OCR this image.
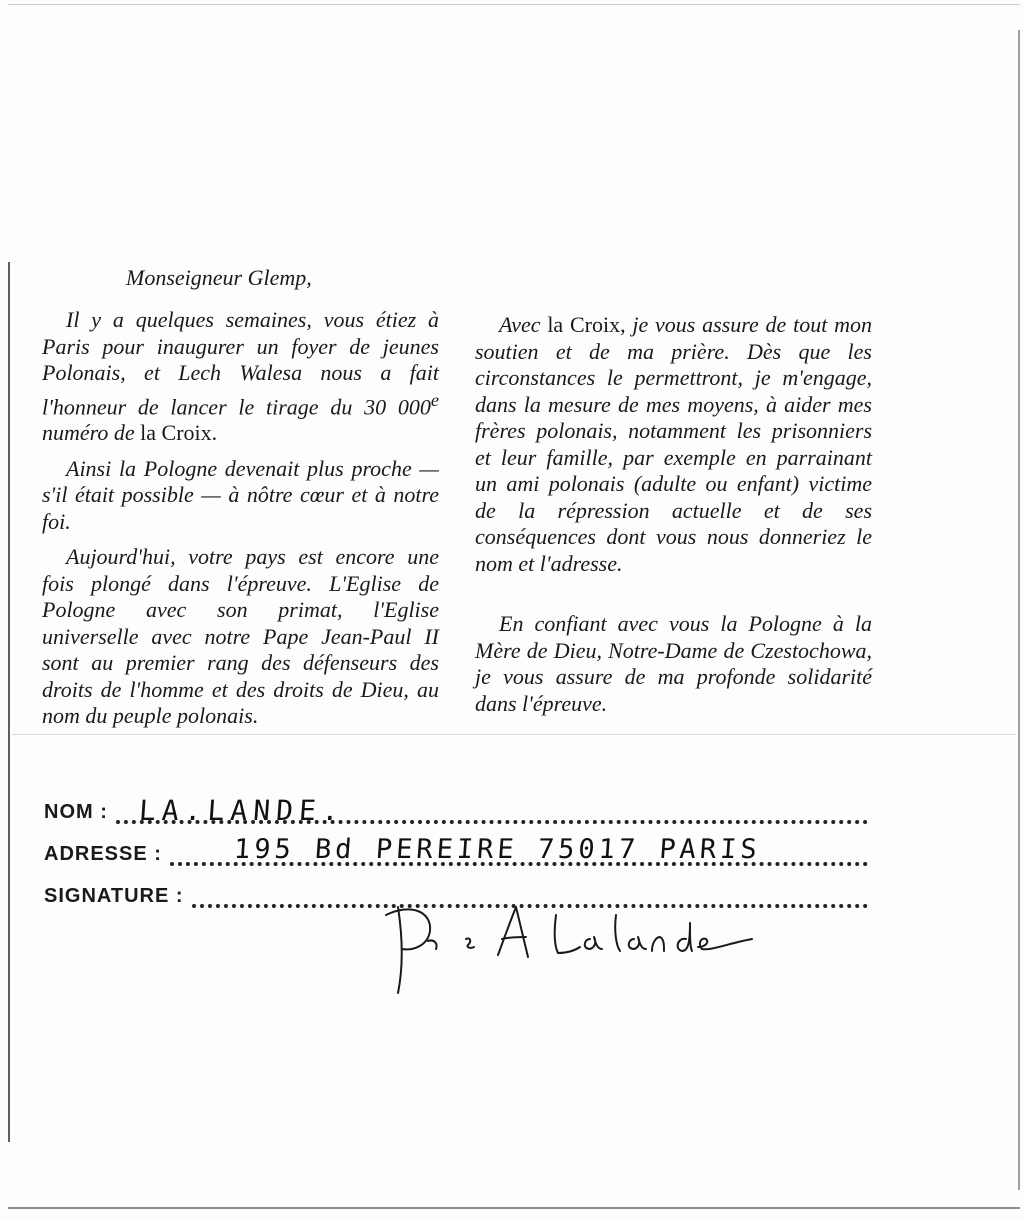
Monseigneur Glemp,

Il y a quelques semaines, vous étiez à Paris pour inaugurer un foyer de jeunes Polonais, et Lech Walesa nous a fait l'honneur de lancer le tirage du 30 000e numéro de la Croix.

Ainsi la Pologne devenait plus proche — s'il était possible — à nôtre cœur et à notre foi.

Aujourd'hui, votre pays est encore une fois plongé dans l'épreuve. L'Eglise de Pologne avec son primat, l'Eglise universelle avec notre Pape Jean-Paul II sont au premier rang des défenseurs des droits de l'homme et des droits de Dieu, au nom du peuple polonais.

Avec la Croix, je vous assure de tout mon soutien et de ma prière. Dès que les circonstances le permettront, je m'engage, dans la mesure de mes moyens, à aider mes frères polonais, notamment les prisonniers et leur famille, par exemple en parrainant un ami polonais (adulte ou enfant) victime de la répression actuelle et de ses conséquences dont vous nous donneriez le nom et l'adresse.

En confiant avec vous la Pologne à la Mère de Dieu, Notre-Dame de Czestochowa, je vous assure de ma profonde solidarité dans l'épreuve.

NOM : LA.LANDE.
ADRESSE :	195 Bd PEREIRE 75017 PARIS
SIGNATURE :
